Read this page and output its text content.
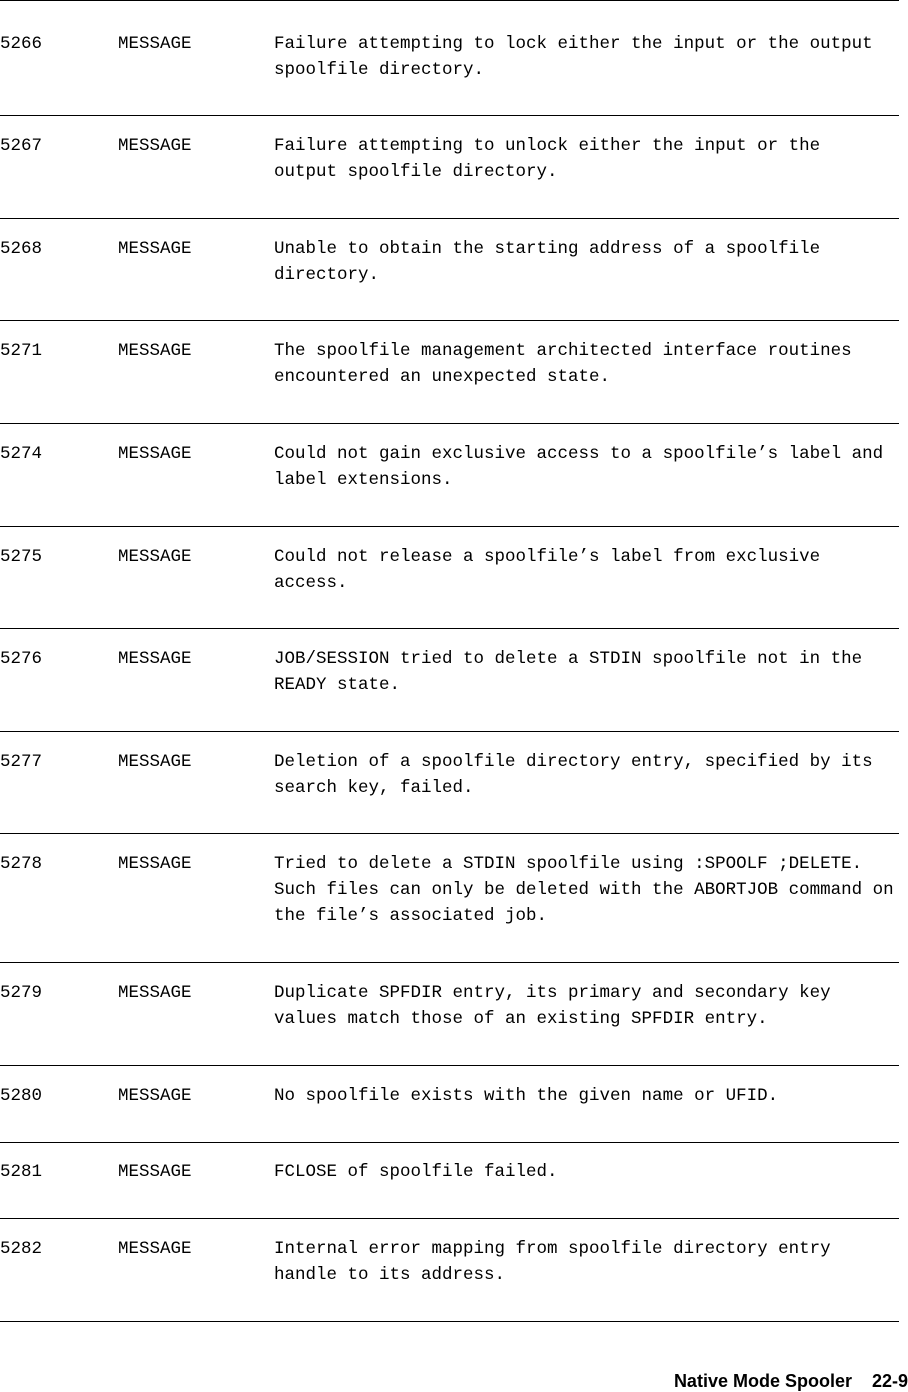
5266	MESSAGE	Failure attempting to lock either the input or the output
spoolfile directory.
5267	MESSAGE	Failure attempting to unlock either the input or the
output spoolfile directory.
5268	MESSAGE	Unable to obtain the starting address of a spoolfile
directory.
5271	MESSAGE	The spoolfile management architected interface routines
encountered an unexpected state.
5274	MESSAGE	Could not gain exclusive access to a spoolfile’s label and
label extensions.
5275	MESSAGE	Could not release a spoolfile’s label from exclusive
access.
5276	MESSAGE	JOB/SESSION tried to delete a STDIN spoolfile not in the
READY state.
5277	MESSAGE	Deletion of a spoolfile directory entry, specified by its
search key, failed.
5278	MESSAGE	Tried to delete a STDIN spoolfile using :SPOOLF ;DELETE.
Such files can only be deleted with the ABORTJOB command on
the file’s associated job.
5279	MESSAGE	Duplicate SPFDIR entry, its primary and secondary key
values match those of an existing SPFDIR entry.
5280	MESSAGE	No spoolfile exists with the given name or UFID.
5281	MESSAGE	FCLOSE of spoolfile failed.
5282	MESSAGE	Internal error mapping from spoolfile directory entry
handle to its address.
Native Mode Spooler 22-9
